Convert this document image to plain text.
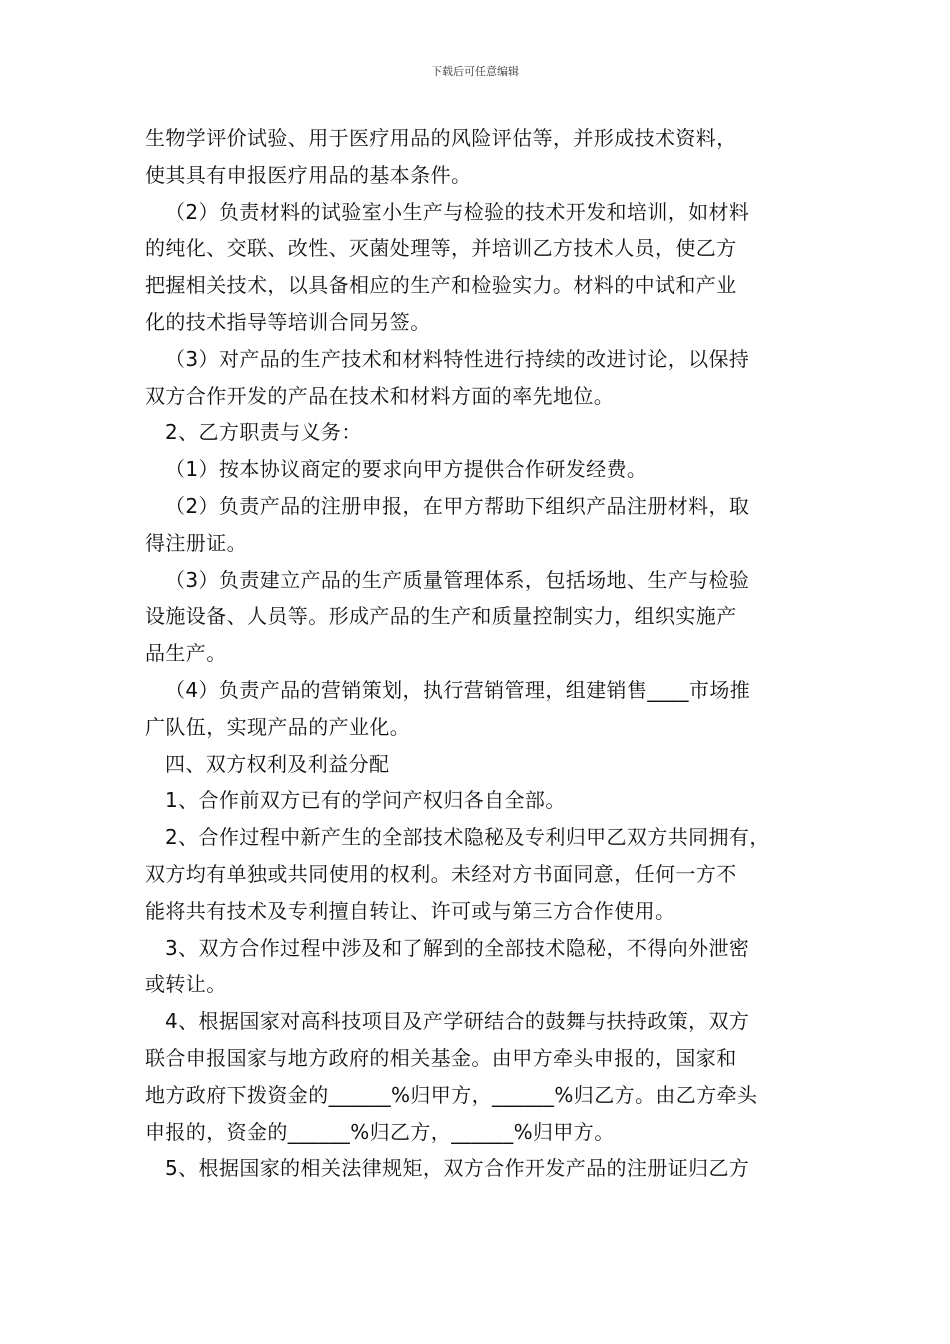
下载后可任意编辑
生物学评价试验、用于医疗用品的风险评估等，并形成技术资料，
使其具有申报医疗用品的基本条件。
（2）负责材料的试验室小生产与检验的技术开发和培训，如材料
的纯化、交联、改性、灭菌处理等，并培训乙方技术人员，使乙方
把握相关技术，以具备相应的生产和检验实力。材料的中试和产业
化的技术指导等培训合同另签。
（3）对产品的生产技术和材料特性进行持续的改进讨论，以保持
双方合作开发的产品在技术和材料方面的率先地位。
2、乙方职责与义务：
（1）按本协议商定的要求向甲方提供合作研发经费。
（2）负责产品的注册申报，在甲方帮助下组织产品注册材料，取
得注册证。
（3）负责建立产品的生产质量管理体系，包括场地、生产与检验
设施设备、人员等。形成产品的生产和质量控制实力，组织实施产
品生产。
（4）负责产品的营销策划，执行营销管理，组建销售____市场推
广队伍，实现产品的产业化。
四、双方权利及利益分配
1、合作前双方已有的学问产权归各自全部。
2、合作过程中新产生的全部技术隐秘及专利归甲乙双方共同拥有，
双方均有单独或共同使用的权利。未经对方书面同意，任何一方不
能将共有技术及专利擅自转让、许可或与第三方合作使用。
3、双方合作过程中涉及和了解到的全部技术隐秘，不得向外泄密
或转让。
4、根据国家对高科技项目及产学研结合的鼓舞与扶持政策，双方
联合申报国家与地方政府的相关基金。由甲方牵头申报的，国家和
地方政府下拨资金的______%归甲方，______%归乙方。由乙方牵头
申报的，资金的______%归乙方，______%归甲方。
5、根据国家的相关法律规矩，双方合作开发产品的注册证归乙方
